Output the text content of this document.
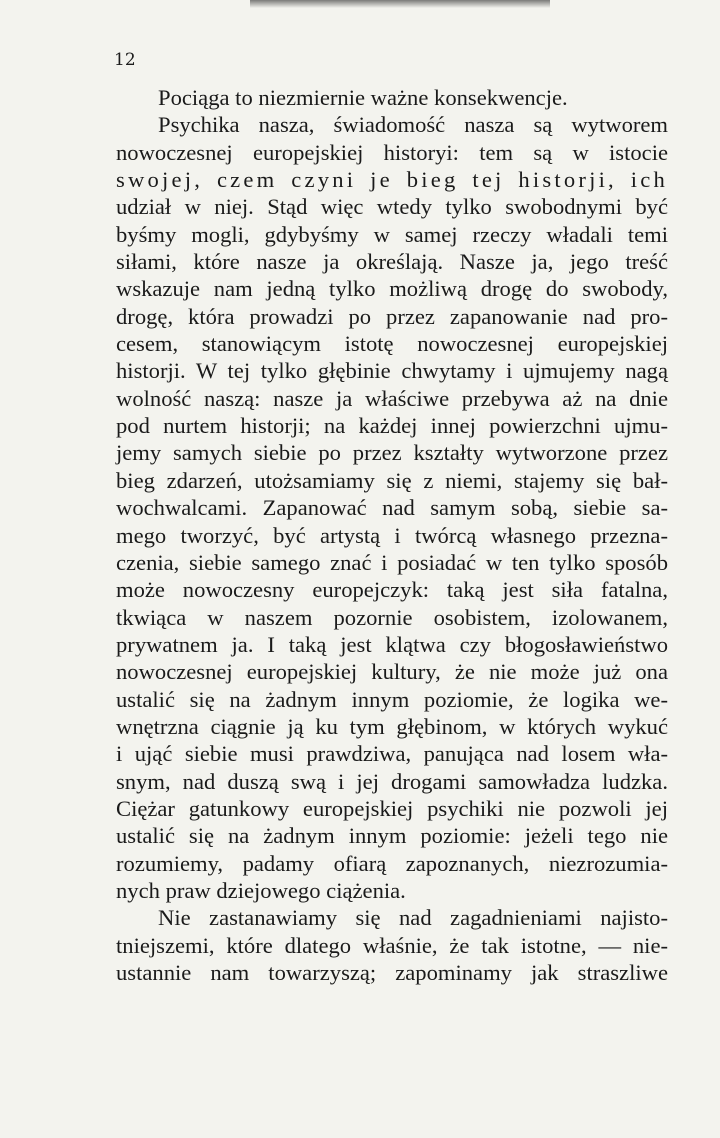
12
Pociąga to niezmiernie ważne konsekwencje.
Psychika nasza, świadomość nasza są wytworem
nowoczesnej europejskiej historyi: tem są w istocie
swojej, czem czyni je bieg tej historji, ich
udział w niej. Stąd więc wtedy tylko swobodnymi być
byśmy mogli, gdybyśmy w samej rzeczy władali temi
siłami, które nasze ja określają. Nasze ja, jego treść
wskazuje nam jedną tylko możliwą drogę do swobody,
drogę, która prowadzi po przez zapanowanie nad pro-
cesem, stanowiącym istotę nowoczesnej europejskiej
historji. W tej tylko głębinie chwytamy i ujmujemy nagą
wolność naszą: nasze ja właściwe przebywa aż na dnie
pod nurtem historji; na każdej innej powierzchni ujmu-
jemy samych siebie po przez kształty wytworzone przez
bieg zdarzeń, utożsamiamy się z niemi, stajemy się bał-
wochwalcami. Zapanować nad samym sobą, siebie sa-
mego tworzyć, być artystą i twórcą własnego przezna-
czenia, siebie samego znać i posiadać w ten tylko sposób
może nowoczesny europejczyk: taką jest siła fatalna,
tkwiąca w naszem pozornie osobistem, izolowanem,
prywatnem ja. I taką jest klątwa czy błogosławieństwo
nowoczesnej europejskiej kultury, że nie może już ona
ustalić się na żadnym innym poziomie, że logika we-
wnętrzna ciągnie ją ku tym głębinom, w których wykuć
i ująć siebie musi prawdziwa, panująca nad losem wła-
snym, nad duszą swą i jej drogami samowładza ludzka.
Ciężar gatunkowy europejskiej psychiki nie pozwoli jej
ustalić się na żadnym innym poziomie: jeżeli tego nie
rozumiemy, padamy ofiarą zapoznanych, niezrozumia-
nych praw dziejowego ciążenia.
Nie zastanawiamy się nad zagadnieniami najisto-
tniejszemi, które dlatego właśnie, że tak istotne, — nie-
ustannie nam towarzyszą; zapominamy jak straszliwe
